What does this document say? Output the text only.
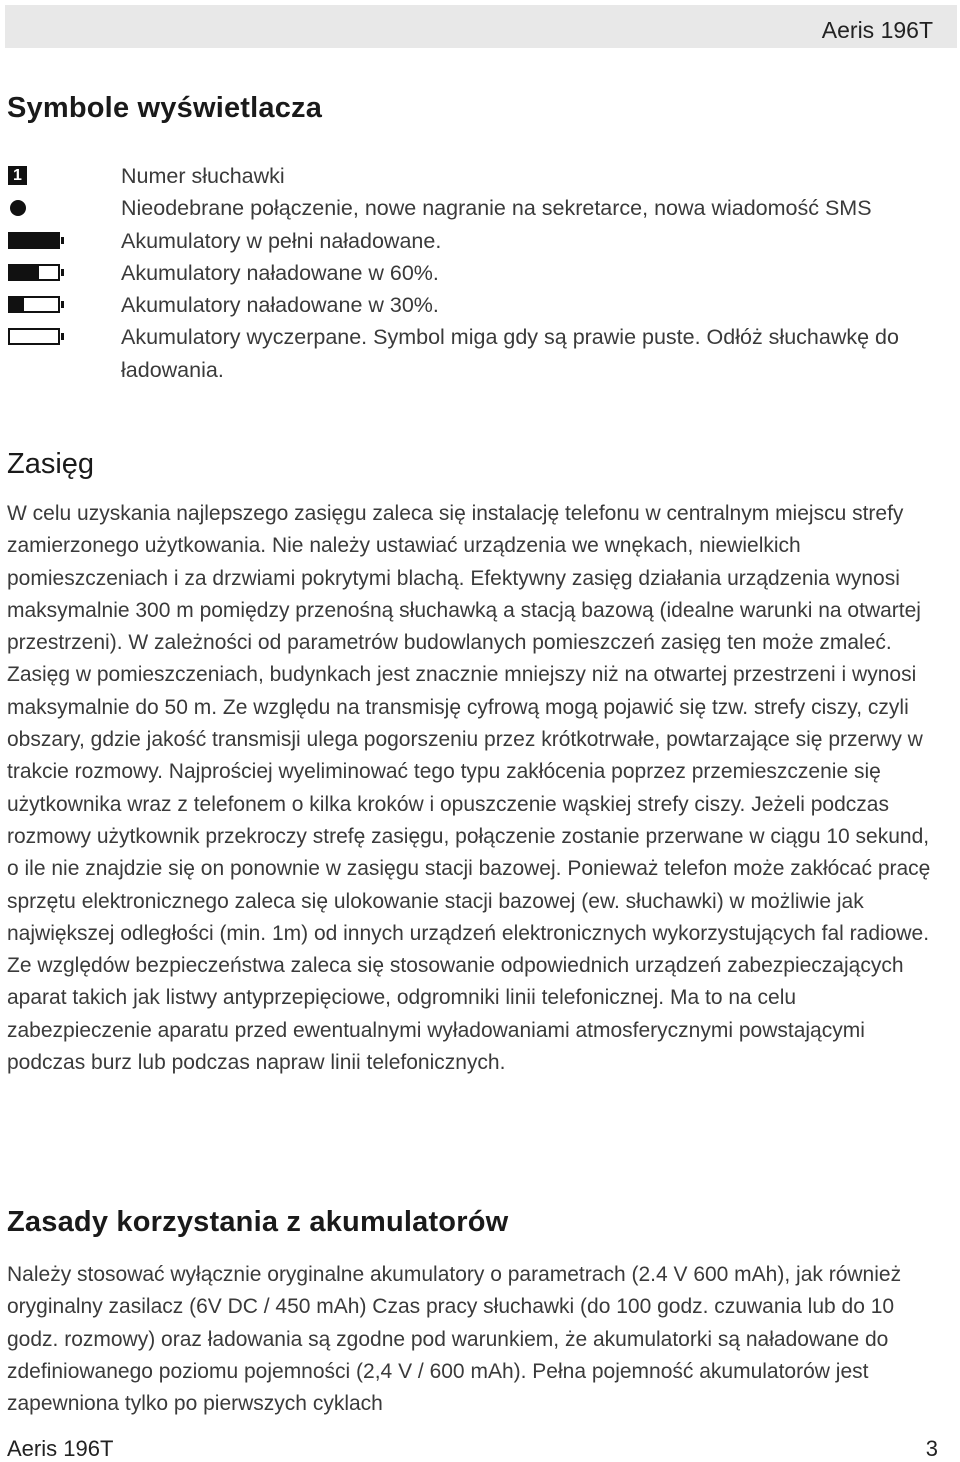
Aeris 196T
Symbole wyświetlacza
1	Numer słuchawki
Nieodebrane połączenie, nowe nagranie na sekretarce, nowa wiadomość SMS
Akumulatory w pełni naładowane.
Akumulatory naładowane w 60%.
Akumulatory naładowane w 30%.
Akumulatory wyczerpane. Symbol miga gdy są prawie puste. Odłóż słuchawkę do ładowania.
Zasięg

W celu uzyskania najlepszego zasięgu zaleca się instalację telefonu w centralnym miejscu strefy zamierzonego użytkowania. Nie należy ustawiać urządzenia we wnękach, niewielkich pomieszczeniach i za drzwiami pokrytymi blachą. Efektywny zasięg działania urządzenia wynosi maksymalnie 300 m pomiędzy przenośną słuchawką a stacją bazową (idealne warunki na otwartej przestrzeni). W zależności od parametrów budowlanych pomieszczeń zasięg ten może zmaleć. Zasięg w pomieszczeniach, budynkach jest znacznie mniejszy niż na otwartej przestrzeni i wynosi maksymalnie do 50 m. Ze względu na transmisję cyfrową mogą pojawić się tzw. strefy ciszy, czyli obszary, gdzie jakość transmisji ulega pogorszeniu przez krótkotrwałe, powtarzające się przerwy w trakcie rozmowy. Najprościej wyeliminować tego typu zakłócenia poprzez przemieszczenie się użytkownika wraz z telefonem o kilka kroków i opuszczenie wąskiej strefy ciszy. Jeżeli podczas rozmowy użytkownik przekroczy strefę zasięgu, połączenie zostanie przerwane w ciągu 10 sekund, o ile nie znajdzie się on ponownie w zasięgu stacji bazowej. Ponieważ telefon może zakłócać pracę sprzętu elektronicznego zaleca się ulokowanie stacji bazowej (ew. słuchawki) w możliwie jak największej odległości (min. 1m) od innych urządzeń elektronicznych wykorzystujących fal radiowe.
Ze względów bezpieczeństwa zaleca się stosowanie odpowiednich urządzeń zabezpieczających aparat takich jak listwy antyprzepięciowe, odgromniki linii telefonicznej. Ma to na celu zabezpieczenie aparatu przed ewentualnymi wyładowaniami atmosferycznymi powstającymi podczas burz lub podczas napraw linii telefonicznych.

Zasady korzystania z akumulatorów

Należy stosować wyłącznie oryginalne akumulatory o parametrach (2.4 V 600 mAh), jak również oryginalny zasilacz (6V DC / 450 mAh) Czas pracy słuchawki (do 100 godz. czuwania lub do 10 godz. rozmowy) oraz ładowania są zgodne pod warunkiem, że akumulatorki są naładowane do zdefiniowanego poziomu pojemności (2,4 V / 600 mAh). Pełna pojemność akumulatorów jest zapewniona tylko po pierwszych cyklach

Aeris 196T	3
